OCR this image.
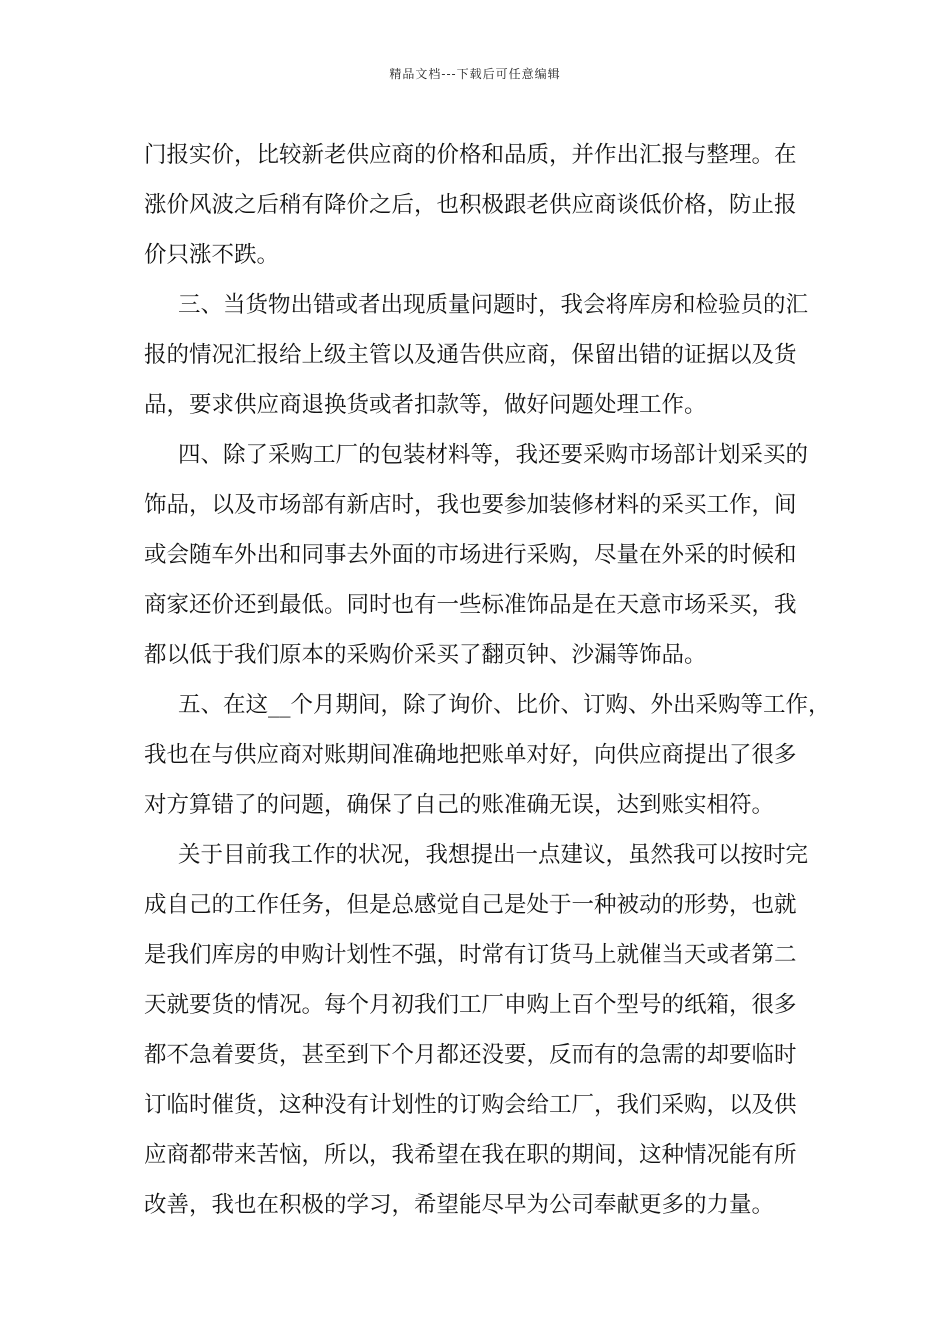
精品文档---下载后可任意编辑
门报实价，比较新老供应商的价格和品质，并作出汇报与整理。在
涨价风波之后稍有降价之后，也积极跟老供应商谈低价格，防止报
价只涨不跌。
三、当货物出错或者出现质量问题时，我会将库房和检验员的汇
报的情况汇报给上级主管以及通告供应商，保留出错的证据以及货
品，要求供应商退换货或者扣款等，做好问题处理工作。
四、除了采购工厂的包装材料等，我还要采购市场部计划采买的
饰品，以及市场部有新店时，我也要参加装修材料的采买工作，间
或会随车外出和同事去外面的市场进行采购，尽量在外采的时候和
商家还价还到最低。同时也有一些标准饰品是在天意市场采买，我
都以低于我们原本的采购价采买了翻页钟、沙漏等饰品。
五、在这__个月期间，除了询价、比价、订购、外出采购等工作，
我也在与供应商对账期间准确地把账单对好，向供应商提出了很多
对方算错了的问题，确保了自己的账准确无误，达到账实相符。
关于目前我工作的状况，我想提出一点建议，虽然我可以按时完
成自己的工作任务，但是总感觉自己是处于一种被动的形势，也就
是我们库房的申购计划性不强，时常有订货马上就催当天或者第二
天就要货的情况。每个月初我们工厂申购上百个型号的纸箱，很多
都不急着要货，甚至到下个月都还没要，反而有的急需的却要临时
订临时催货，这种没有计划性的订购会给工厂，我们采购，以及供
应商都带来苦恼，所以，我希望在我在职的期间，这种情况能有所
改善，我也在积极的学习，希望能尽早为公司奉献更多的力量。
